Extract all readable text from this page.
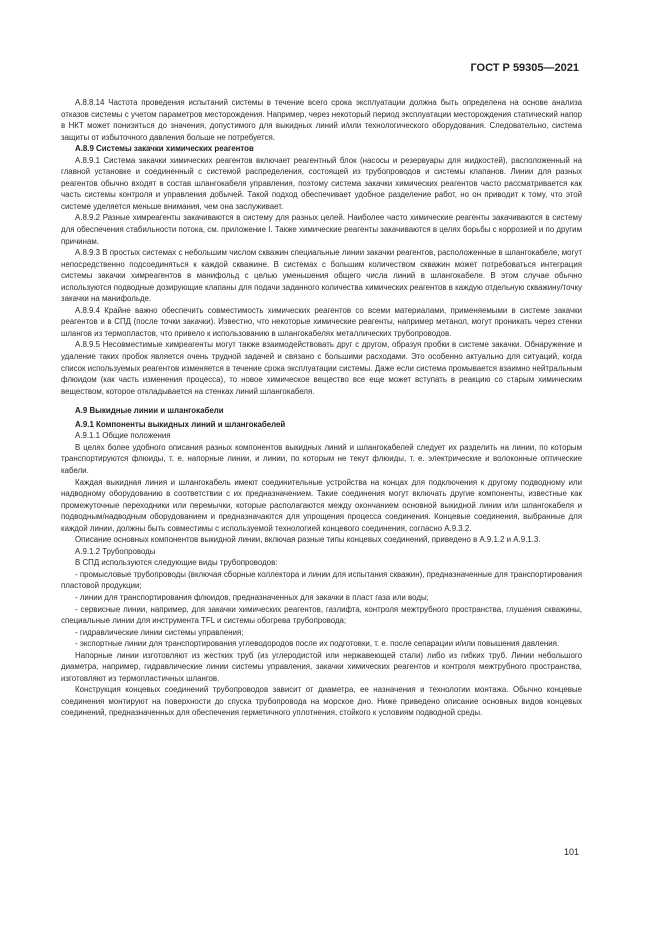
ГОСТ Р 59305—2021

А.8.8.14 Частота проведения испытаний системы в течение всего срока эксплуатации должна быть определена на основе анализа отказов системы с учетом параметров месторождения. Например, через некоторый период эксплуатации месторождения статический напор в НКТ может понизиться до значения, допустимого для выкидных линий и/или технологического оборудования. Следовательно, система защиты от избыточного давления больше не потребуется.

А.8.9 Системы закачки химических реагентов

А.8.9.1 Система закачки химических реагентов включает реагентный блок (насосы и резервуары для жидкостей), расположенный на главной установке и соединенный с системой распределения, состоящей из трубопроводов и системы клапанов. Линии для разных реагентов обычно входят в состав шлангокабеля управления, поэтому система закачки химических реагентов часто рассматривается как часть системы контроля и управления добычей. Такой подход обеспечивает удобное разделение работ, но он приводит к тому, что этой системе уделяется меньше внимания, чем она заслуживает.

А.8.9.2 Разные химреагенты закачиваются в систему для разных целей. Наиболее часто химические реагенты закачиваются в систему для обеспечения стабильности потока, см. приложение I. Также химические реагенты закачиваются в целях борьбы с коррозией и по другим причинам.

А.8.9.3 В простых системах с небольшим числом скважин специальные линии закачки реагентов, расположенные в шлангокабеле, могут непосредственно подсоединяться к каждой скважине. В системах с большим количеством скважин может потребоваться интеграция системы закачки химреагентов в манифольд с целью уменьшения общего числа линий в шлангокабеле. В этом случае обычно используются подводные дозирующие клапаны для подачи заданного количества химических реагентов в каждую отдельную скважину/точку закачки на манифольде.

А.8.9.4 Крайне важно обеспечить совместимость химических реагентов со всеми материалами, применяемыми в системе закачки реагентов и в СПД (после точки закачки). Известно, что некоторые химические реагенты, например метанол, могут проникать через стенки шлангов из термопластов, что привело к использованию в шлангокабелях металлических трубопроводов.

А.8.9.5 Несовместимые химреагенты могут также взаимодействовать друг с другом, образуя пробки в системе закачки. Обнаружение и удаление таких пробок является очень трудной задачей и связано с большими расходами. Это особенно актуально для ситуаций, когда список используемых реагентов изменяется в течение срока эксплуатации системы. Даже если система промывается взаимно нейтральным флюидом (как часть изменения процесса), то новое химическое вещество все еще может вступать в реакцию со старым химическим веществом, которое откладывается на стенках линий шлангокабеля.

А.9 Выкидные линии и шлангокабели
А.9.1 Компоненты выкидных линий и шлангокабелей

А.9.1.1 Общие положения

В целях более удобного описания разных компонентов выкидных линий и шлангокабелей следует их разделить на линии, по которым транспортируются флюиды, т. е. напорные линии, и линии, по которым не текут флюиды, т. е. электрические и волоконные оптические кабели.

Каждая выкидная линия и шлангокабель имеют соединительные устройства на концах для подключения к другому подводному или надводному оборудованию в соответствии с их предназначением. Такие соединения могут включать другие компоненты, известные как промежуточные переходники или перемычки, которые располагаются между окончанием основной выкидной линии или шлангокабеля и подводным/надводным оборудованием и предназначаются для упрощения процесса соединения. Концевые соединения, выбранные для каждой линии, должны быть совместимы с используемой технологией концевого соединения, согласно А.9.3.2.

Описание основных компонентов выкидной линии, включая разные типы концевых соединений, приведено в А.9.1.2 и А.9.1.3.

А.9.1.2 Трубопроводы

В СПД используются следующие виды трубопроводов:

- промысловые трубопроводы (включая сборные коллектора и линии для испытания скважин), предназначенные для транспортирования пластовой продукции;

- линии для транспортирования флюидов, предназначенных для закачки в пласт газа или воды;

- сервисные линии, например, для закачки химических реагентов, газлифта, контроля межтрубного пространства, глушения скважины, специальные линии для инструмента TFL и системы обогрева трубопровода;

- гидравлические линии системы управления;

- экспортные линии для транспортирования углеводородов после их подготовки, т. е. после сепарации и/или повышения давления.

Напорные линии изготовляют из жестких труб (из углеродистой или нержавеющей стали) либо из гибких труб. Линии небольшого диаметра, например, гидравлические линии системы управления, закачки химических реагентов и контроля межтрубного пространства, изготовляют из термопластичных шлангов.

Конструкция концевых соединений трубопроводов зависит от диаметра, ее назначения и технологии монтажа. Обычно концевые соединения монтируют на поверхности до спуска трубопровода на морское дно. Ниже приведено описание основных видов концевых соединений, предназначенных для обеспечения герметичного уплотнения, стойкого к условиям подводной среды.

101
